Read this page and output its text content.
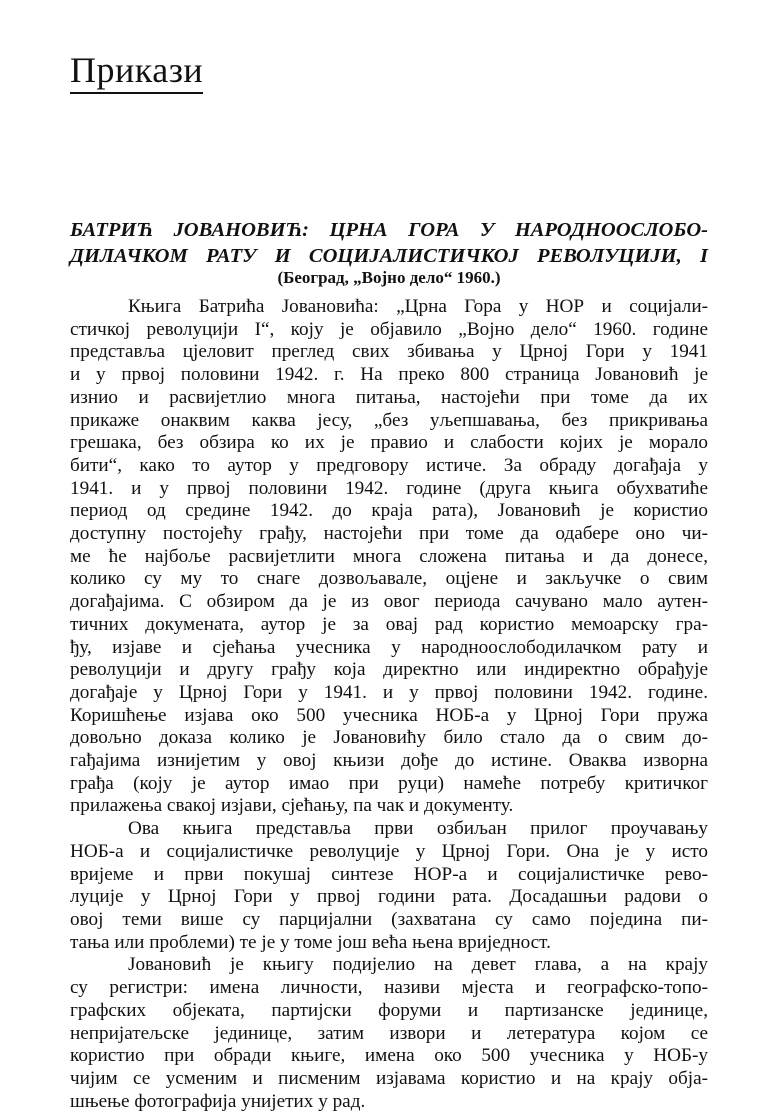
Прикази
БАТРИЋ ЈОВАНОВИЋ: ЦРНА ГОРА У НАРОДНООСЛОБО-
ДИЛАЧКОМ РАТУ И СОЦИЈАЛИСТИЧКОЈ РЕВОЛУЦИЈИ, I
(Београд, „Војно дело“ 1960.)

Књига Батрића Јовановића: „Црна Гора у НОР и социјали-
стичкој револуцији I“, коју је објавило „Војно дело“ 1960. године
представља цјеловит преглед свих збивања у Црној Гори у 1941
и у првој половини 1942. г. На преко 800 страница Јовановић је
изнио и расвиjетлио многа питања, настојећи при томе да их
прикаже онаквим каква јесу, „без уљепшавања, без прикривања
грешака, без обзира ко их је правио и слабости којих је морало
бити“, како то аутор у предговору истиче. За обраду догађаја у
1941. и у првој половини 1942. године (друга књига обухватиће
период од средине 1942. до краја рата), Јовановић је користио
доступну постојећу грађу, настојећи при томе да одабере оно чи-
ме ће најбоље расвијетлити многа сложена питања и да донесе,
колико су му то снаге дозвољавале, оцјене и закључке о свим
догађајима. С обзиром да је из овог периода сачувано мало аутен-
тичних докумената, аутор је за овај рад користио мемоарску гра-
ђу, изјаве и сјећања учесника у народноослободилачком рату и
револуцији и другу грађу која директно или индиректно обрађује
догађаје у Црној Гори у 1941. и у првој половини 1942. године.
Коришћење изјава око 500 учесника НОБ-а у Црној Гори пружа
довољно доказа колико је Јовановићу било стало да о свим до-
гађајима изнијетим у овој књизи дође до истине. Оваква изворна
грађа (коју је аутор имао при руци) намеће потребу критичког
прилажења свакој изјави, сјећању, па чак и документу.

Ова књига представља први озбиљан прилог проучавању
НОБ-а и социјалистичке револуције у Црној Гори. Она је у исто
вријеме и први покушај синтезе НОР-а и социјалистичке рево-
луције у Црној Гори у првој години рата. Досадашњи радови о
овој теми више су парцијални (захватана су само поједина пи-
тања или проблеми) те је у томе још већа њена вриједност.

Јовановић је књигу подијелио на девет глава, а на крају
су регистри: имена личности, називи мјеста и географско-топо-
графских објеката, партијски форуми и партизанске јединице,
непријатељске јединице, затим извори и летература којом се
користио при обради књиге, имена око 500 учесника у НОБ-у
чијим се усменим и писменим изјавама користио и на крају обја-
шњење фотографија унијетих у рад.
